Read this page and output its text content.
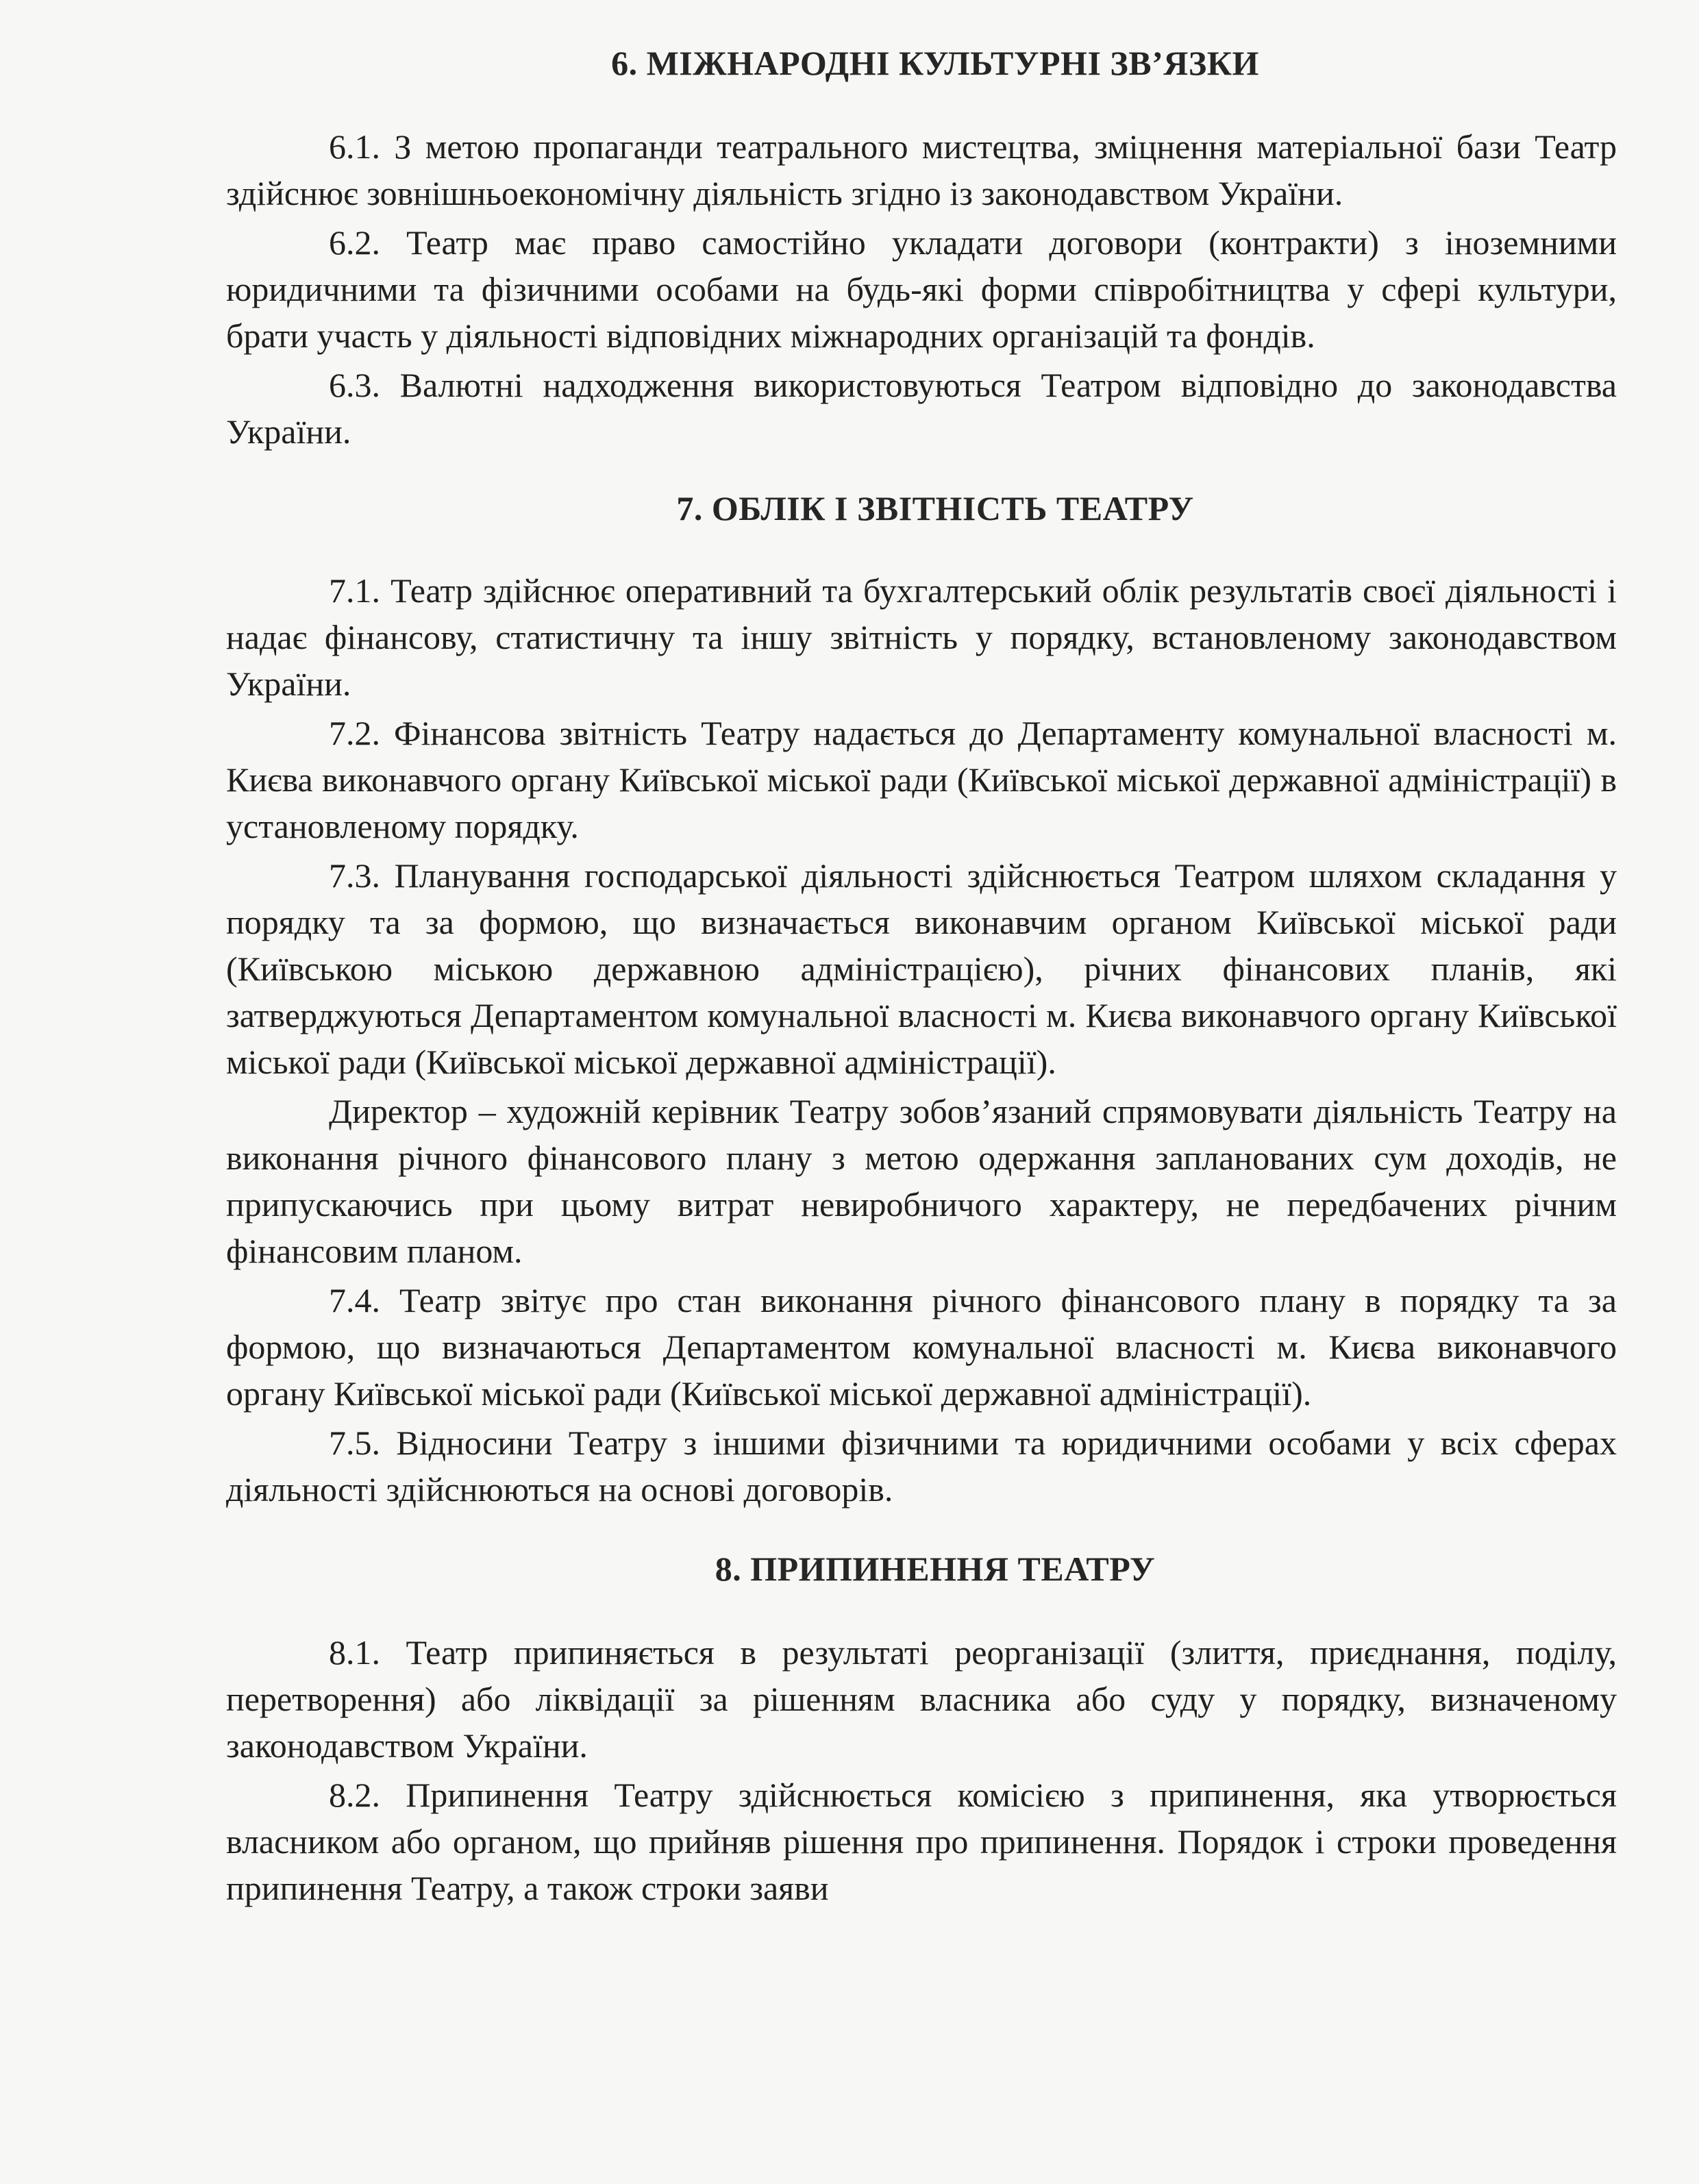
6. МІЖНАРОДНІ КУЛЬТУРНІ ЗВ’ЯЗКИ

6.1. З метою пропаганди театрального мистецтва, зміцнення матеріальної бази Театр здійснює зовнішньоекономічну діяльність згідно із законодавством України.

6.2. Театр має право самостійно укладати договори (контракти) з іноземними юридичними та фізичними особами на будь-які форми співробітництва у сфері культури, брати участь у діяльності відповідних міжнародних організацій та фондів.

6.3. Валютні надходження використовуються Театром відповідно до законодавства України.

7. ОБЛІК І ЗВІТНІСТЬ ТЕАТРУ

7.1. Театр здійснює оперативний та бухгалтерський облік результатів своєї діяльності і надає фінансову, статистичну та іншу звітність у порядку, встановленому законодавством України.

7.2. Фінансова звітність Театру надається до Департаменту комунальної власності м. Києва виконавчого органу Київської міської ради (Київської міської державної адміністрації) в установленому порядку.

7.3. Планування господарської діяльності здійснюється Театром шляхом складання у порядку та за формою, що визначається виконавчим органом Київської міської ради (Київською міською державною адміністрацією), річних фінансових планів, які затверджуються Департаментом комунальної власності м. Києва виконавчого органу Київської міської ради (Київської міської державної адміністрації).

Директор – художній керівник Театру зобов’язаний спрямовувати діяльність Театру на виконання річного фінансового плану з метою одержання запланованих сум доходів, не припускаючись при цьому витрат невиробничого характеру, не передбачених річним фінансовим планом.

7.4. Театр звітує про стан виконання річного фінансового плану в порядку та за формою, що визначаються Департаментом комунальної власності м. Києва виконавчого органу Київської міської ради (Київської міської державної адміністрації).

7.5. Відносини Театру з іншими фізичними та юридичними особами у всіх сферах діяльності здійснюються на основі договорів.

8. ПРИПИНЕННЯ ТЕАТРУ

8.1. Театр припиняється в результаті реорганізації (злиття, приєднання, поділу, перетворення) або ліквідації за рішенням власника або суду у порядку, визначеному законодавством України.

8.2. Припинення Театру здійснюється комісією з припинення, яка утворюється власником або органом, що прийняв рішення про припинення. Порядок і строки проведення припинення Театру, а також строки заяви
